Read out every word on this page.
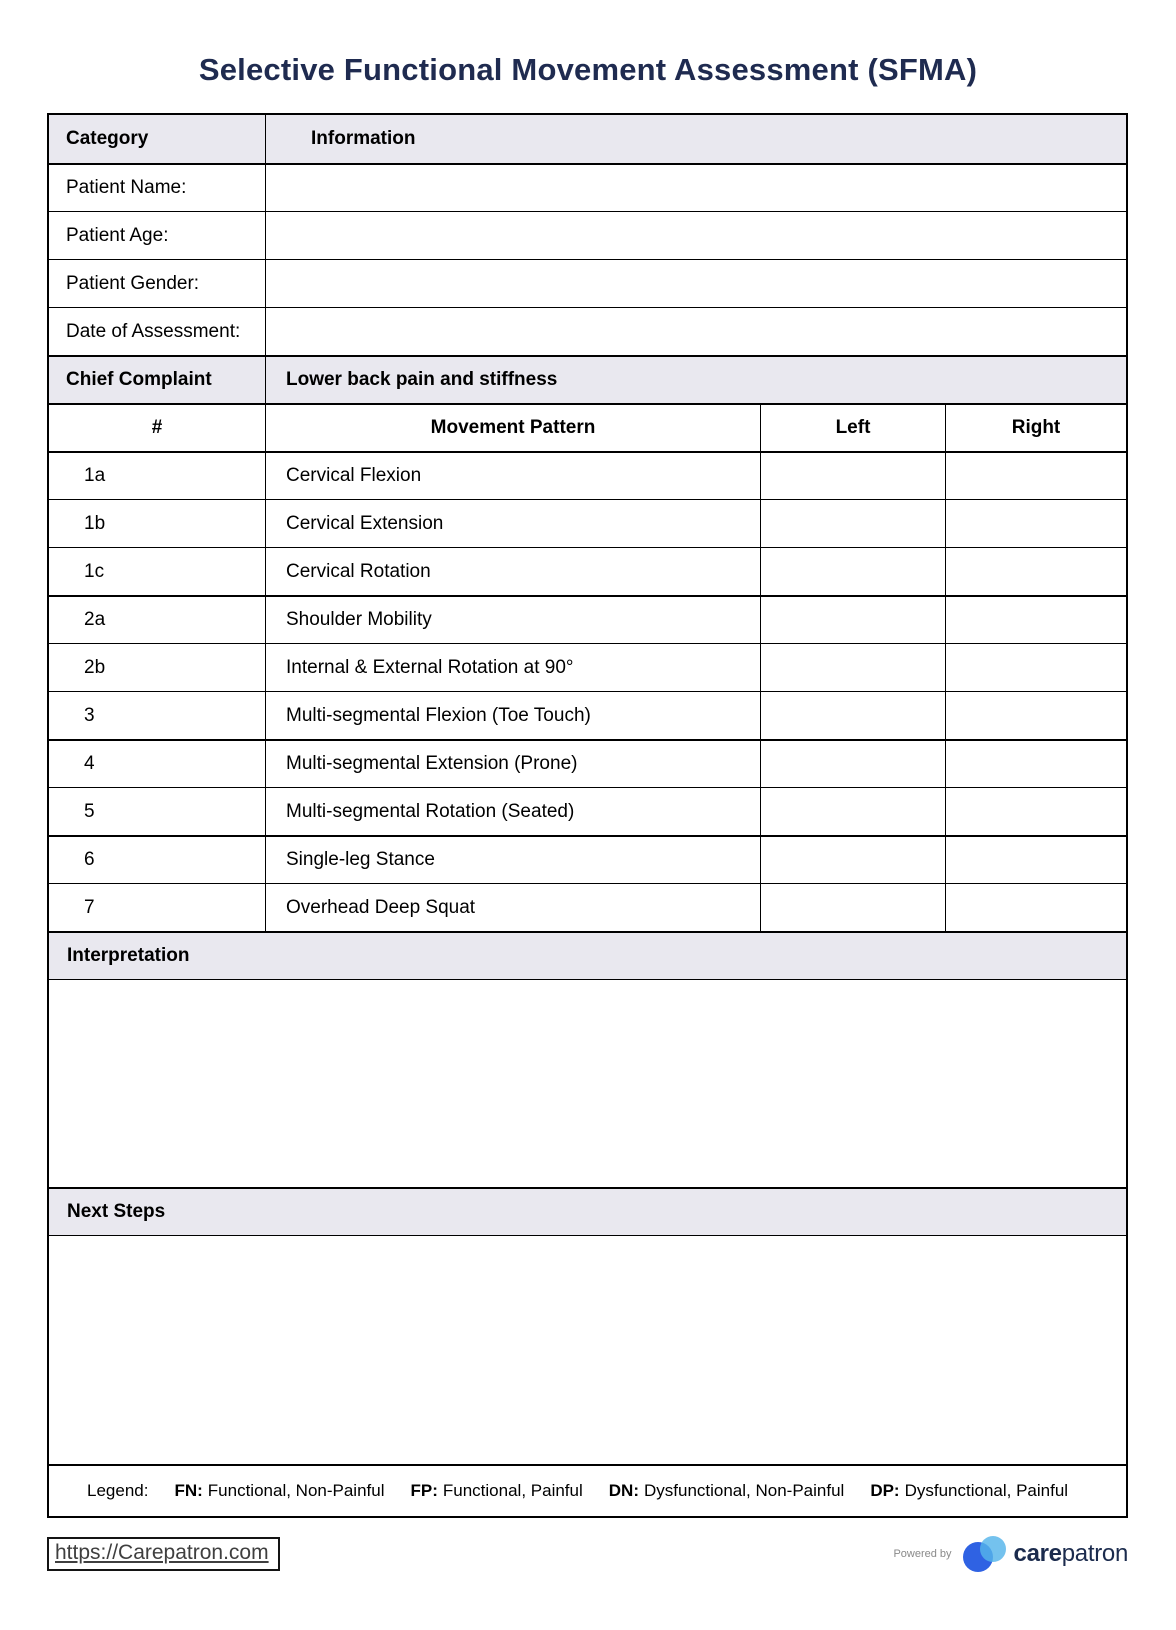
Selective Functional Movement Assessment (SFMA)
Category	Information
Patient Name:
Patient Age:
Patient Gender:
Date of Assessment:
Chief Complaint	Lower back pain and stiffness
#	Movement Pattern	Left	Right
1a	Cervical Flexion
1b	Cervical Extension
1c	Cervical Rotation
2a	Shoulder Mobility
2b	Internal & External Rotation at 90°
3	Multi-segmental Flexion (Toe Touch)
4	Multi-segmental Extension (Prone)
5	Multi-segmental Rotation (Seated)
6	Single-leg Stance
7	Overhead Deep Squat
Interpretation
Next Steps
Legend: FN: Functional, Non-Painful FP: Functional, Painful DN: Dysfunctional, Non-Painful DP: Dysfunctional, Painful
https://Carepatron.com	Powered by	carepatron
